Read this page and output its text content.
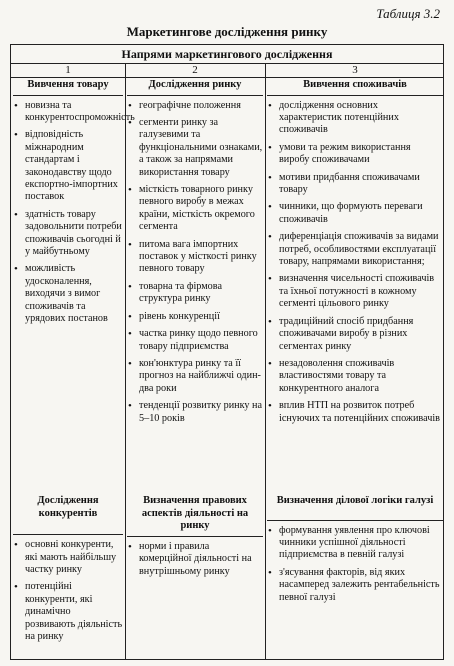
Таблиця 3.2
Маркетингове дослідження ринку
Напрями маркетингового дослідження
1	2	3
Вивчення товару
• новизна та конкурентоспроможність
• відповідність міжнародним стандартам і законодавству щодо експортно-імпортних поставок
• здатність товару задовольнити потреби споживачів сьогодні й у майбутньому
• можливість удосконалення, виходячи з вимог споживачів та урядових постанов
Дослідження конкурентів
• основні конкуренти, які мають найбільшу частку ринку
• потенційні конкуренти, які динамічно розвивають діяльність на ринку
Дослідження ринку
• географічне положення
• сегменти ринку за галузевими та функціональними ознаками, а також за напрямами використання товару
• місткість товарного ринку певного виробу в межах країни, місткість окремого сегмента
• питома вага імпортних поставок у місткості ринку певного товару
• товарна та фірмова структура ринку
• рівень конкуренції
• частка ринку щодо певного товару підприємства
• кон'юнктура ринку та її прогноз на найближчі один-два роки
• тенденції розвитку ринку на 5–10 років
Визначення правових аспектів діяльності на ринку
• норми і правила комерційної діяльності на внутрішньому ринку
Вивчення споживачів
• дослідження основних характеристик потенційних споживачів
• умови та режим використання виробу споживачами
• мотиви придбання споживачами товару
• чинники, що формують переваги споживачів
• диференціація споживачів за видами потреб, особливостями експлуатації товару, напрямами використання;
• визначення чисельності споживачів та їхньої потужності в кожному сегменті цільового ринку
• традиційний спосіб придбання споживачами виробу в різних сегментах ринку
• незадоволення споживачів властивостями товару та конкурентного аналога
• вплив НТП на розвиток потреб існуючих та потенційних споживачів
Визначення ділової логіки галузі
• формування уявлення про ключові чинники успішної діяльності підприємства в певній галузі
• з'ясування факторів, від яких насамперед залежить рентабельність певної галузі
